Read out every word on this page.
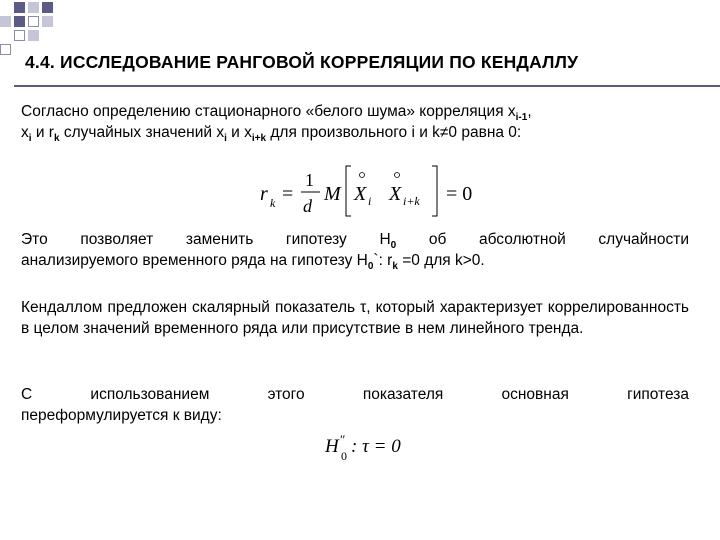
4.4. ИССЛЕДОВАНИЕ РАНГОВОЙ КОРРЕЛЯЦИИ ПО КЕНДАЛЛУ
Согласно определению стационарного «белого шума» корреляция $x_{i-1}$,
$x_i$ и $r_k$ случайных значений $x_i$ и $x_{i+k}$ для произвольного i и k≠0 равна 0:
r k =
1
d
M X i X i+k = 0
Это позволяет заменить гипотезу $H_0$ об абсолютной случайности
анализируемого временного ряда на гипотезу $H_0`$: $r_k =0$ для k>0.
Кендаллом предложен скалярный показатель τ, который характеризует коррелированность в целом значений временного ряда или присутствие в нем линейного тренда.
С использованием этого показателя основная гипотеза
переформулируется к виду:
H ″
0 : τ = 0
